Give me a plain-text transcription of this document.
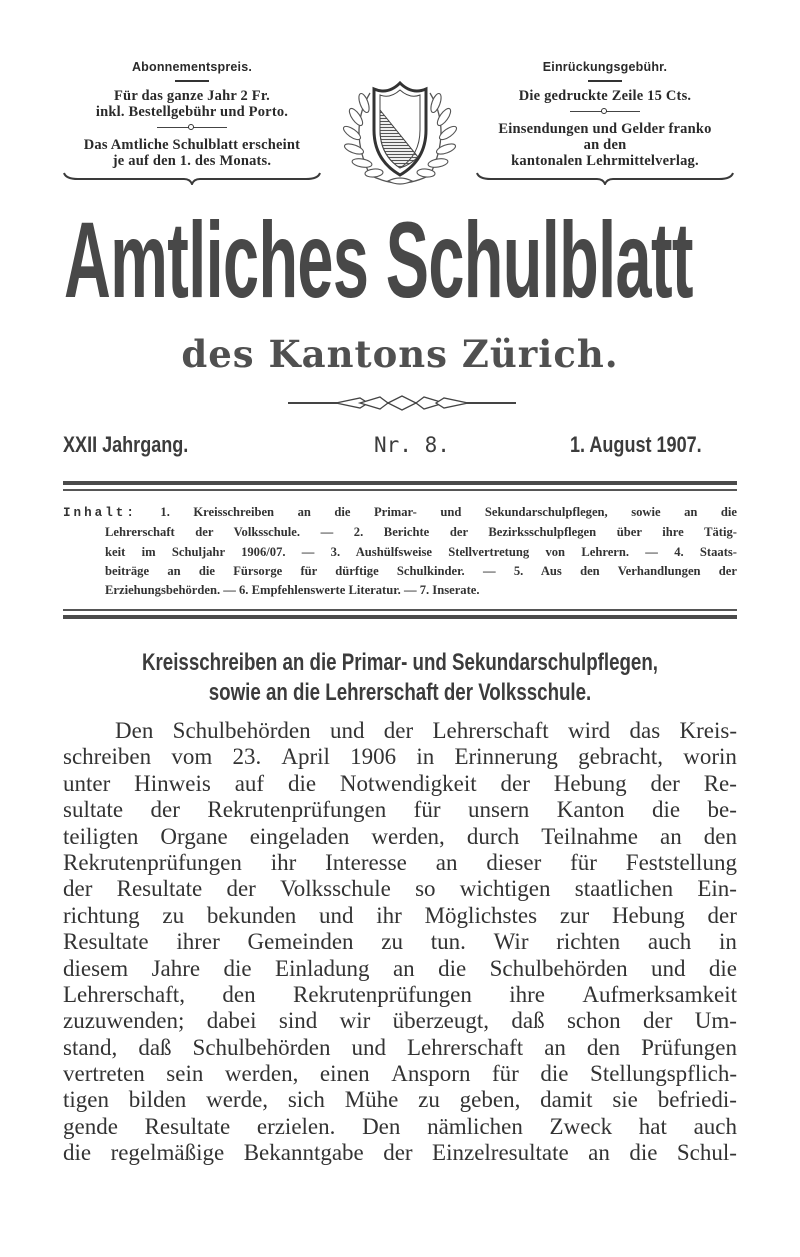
Abonnementspreis.
Für das ganze Jahr 2 Fr.
inkl. Bestellgebühr und Porto.
Das Amtliche Schulblatt erscheint
je auf den 1. des Monats.
Einrückungsgebühr.
Die gedruckte Zeile 15 Cts.
Einsendungen und Gelder franko
an den
kantonalen Lehrmittelverlag.
Amtliches Schulblatt
des Kantons Zürich.
XXII Jahrgang.	Nr. 8.	1. August 1907.
Inhalt: 1. Kreisschreiben an die Primar- und Sekundarschulpflegen, sowie an die
Lehrerschaft der Volksschule. — 2. Berichte der Bezirksschulpflegen über ihre Tätig-
keit im Schuljahr 1906/07. — 3. Aushülfsweise Stellvertretung von Lehrern. — 4. Staats-
beiträge an die Fürsorge für dürftige Schulkinder. — 5. Aus den Verhandlungen der
Erziehungsbehörden. — 6. Empfehlenswerte Literatur. — 7. Inserate.
Kreisschreiben an die Primar- und Sekundarschulpflegen,
sowie an die Lehrerschaft der Volksschule.
Den Schulbehörden und der Lehrerschaft wird das Kreis-
schreiben vom 23. April 1906 in Erinnerung gebracht, worin
unter Hinweis auf die Notwendigkeit der Hebung der Re-
sultate der Rekrutenprüfungen für unsern Kanton die be-
teiligten Organe eingeladen werden, durch Teilnahme an den
Rekrutenprüfungen ihr Interesse an dieser für Feststellung
der Resultate der Volksschule so wichtigen staatlichen Ein-
richtung zu bekunden und ihr Möglichstes zur Hebung der
Resultate ihrer Gemeinden zu tun. Wir richten auch in
diesem Jahre die Einladung an die Schulbehörden und die
Lehrerschaft, den Rekrutenprüfungen ihre Aufmerksamkeit
zuzuwenden; dabei sind wir überzeugt, daß schon der Um-
stand, daß Schulbehörden und Lehrerschaft an den Prüfungen
vertreten sein werden, einen Ansporn für die Stellungspflich-
tigen bilden werde, sich Mühe zu geben, damit sie befriedi-
gende Resultate erzielen. Den nämlichen Zweck hat auch
die regelmäßige Bekanntgabe der Einzelresultate an die Schul-
